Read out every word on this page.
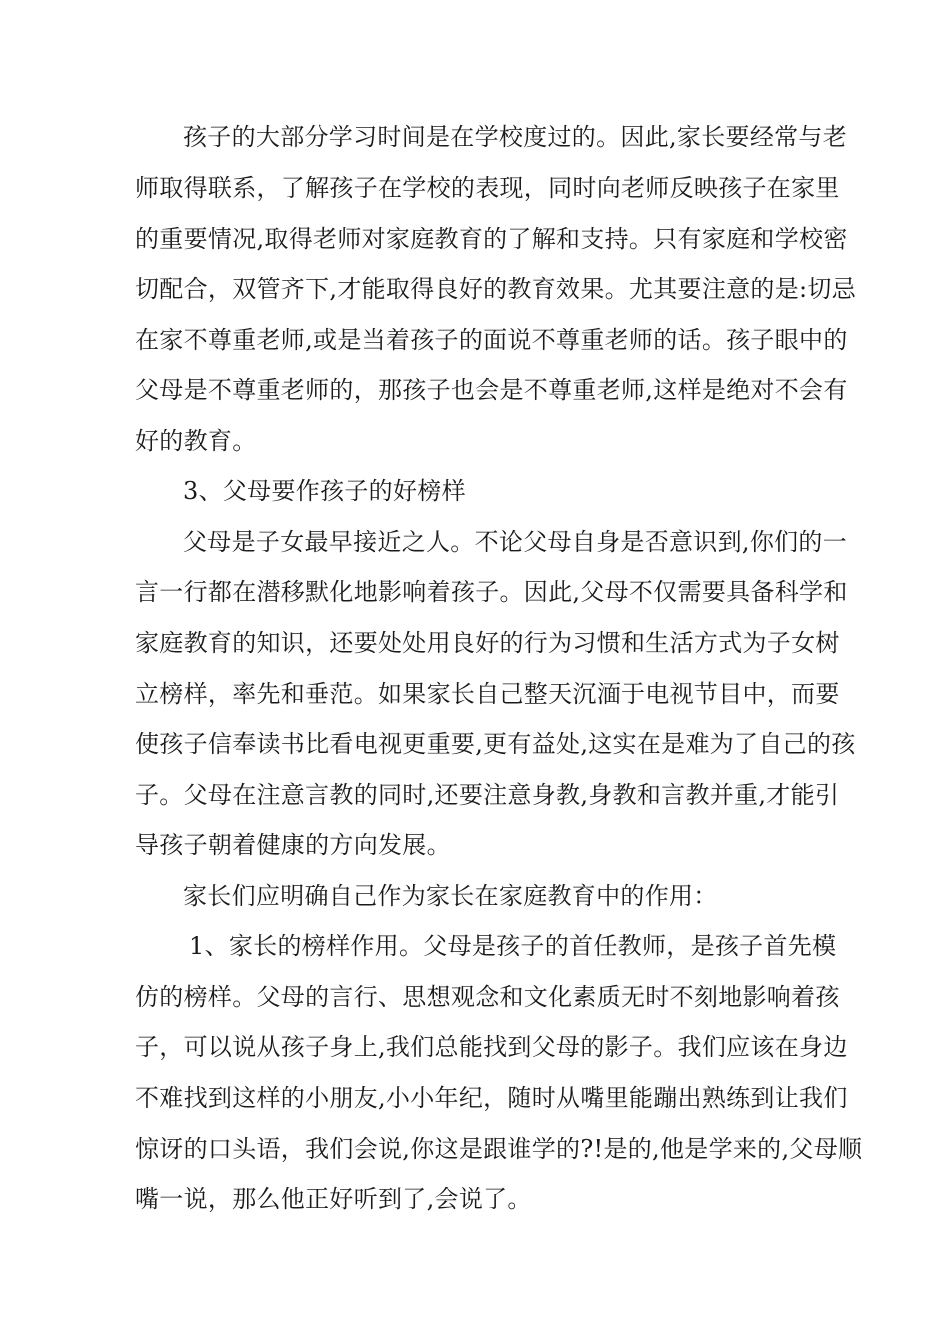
孩子的大部分学习时间是在学校度过的。因此,家长要经常与老
师取得联系，了解孩子在学校的表现，同时向老师反映孩子在家里
的重要情况,取得老师对家庭教育的了解和支持。只有家庭和学校密
切配合，双管齐下,才能取得良好的教育效果。尤其要注意的是:切忌
在家不尊重老师,或是当着孩子的面说不尊重老师的话。孩子眼中的
父母是不尊重老师的，那孩子也会是不尊重老师,这样是绝对不会有
好的教育。
3、父母要作孩子的好榜样
父母是子女最早接近之人。不论父母自身是否意识到,你们的一
言一行都在潜移默化地影响着孩子。因此,父母不仅需要具备科学和
家庭教育的知识，还要处处用良好的行为习惯和生活方式为子女树
立榜样，率先和垂范。如果家长自己整天沉湎于电视节目中，而要
使孩子信奉读书比看电视更重要,更有益处,这实在是难为了自己的孩
子。父母在注意言教的同时,还要注意身教,身教和言教并重,才能引
导孩子朝着健康的方向发展。
家长们应明确自己作为家长在家庭教育中的作用：
1、家长的榜样作用。父母是孩子的首任教师，是孩子首先模
仿的榜样。父母的言行、思想观念和文化素质无时不刻地影响着孩
子，可以说从孩子身上,我们总能找到父母的影子。我们应该在身边
不难找到这样的小朋友,小小年纪，随时从嘴里能蹦出熟练到让我们
惊讶的口头语，我们会说,你这是跟谁学的?!是的,他是学来的,父母顺
嘴一说，那么他正好听到了,会说了。
